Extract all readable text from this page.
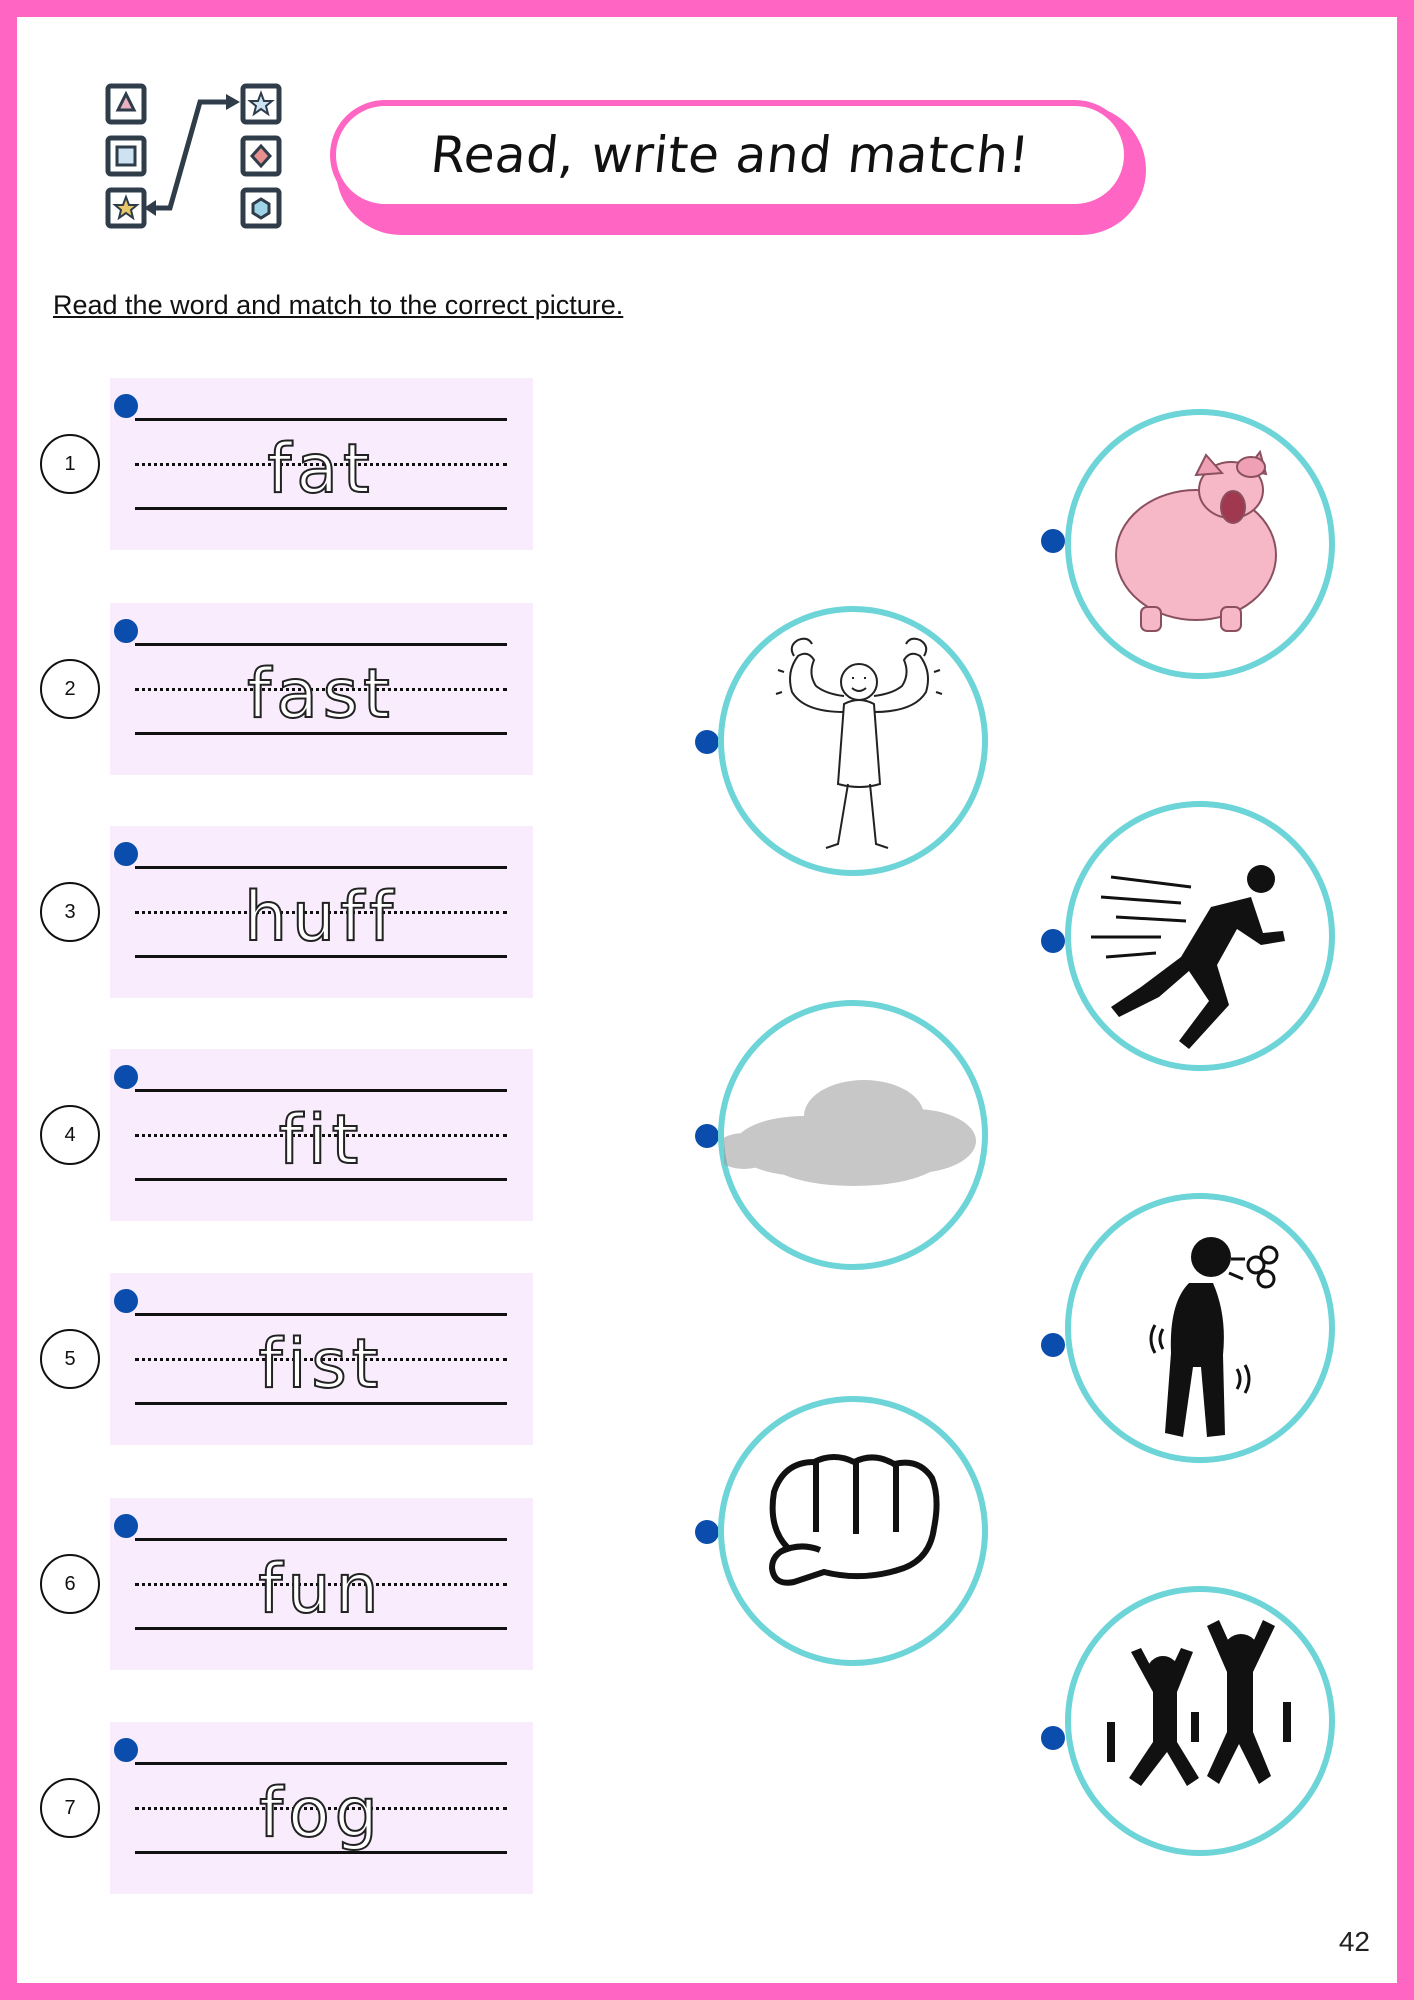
Read, write and match!
Read the word and match to the correct picture.
1	fat
2	fast
3	huff
4	fit
5	fist
6	fun
7	fog
42
